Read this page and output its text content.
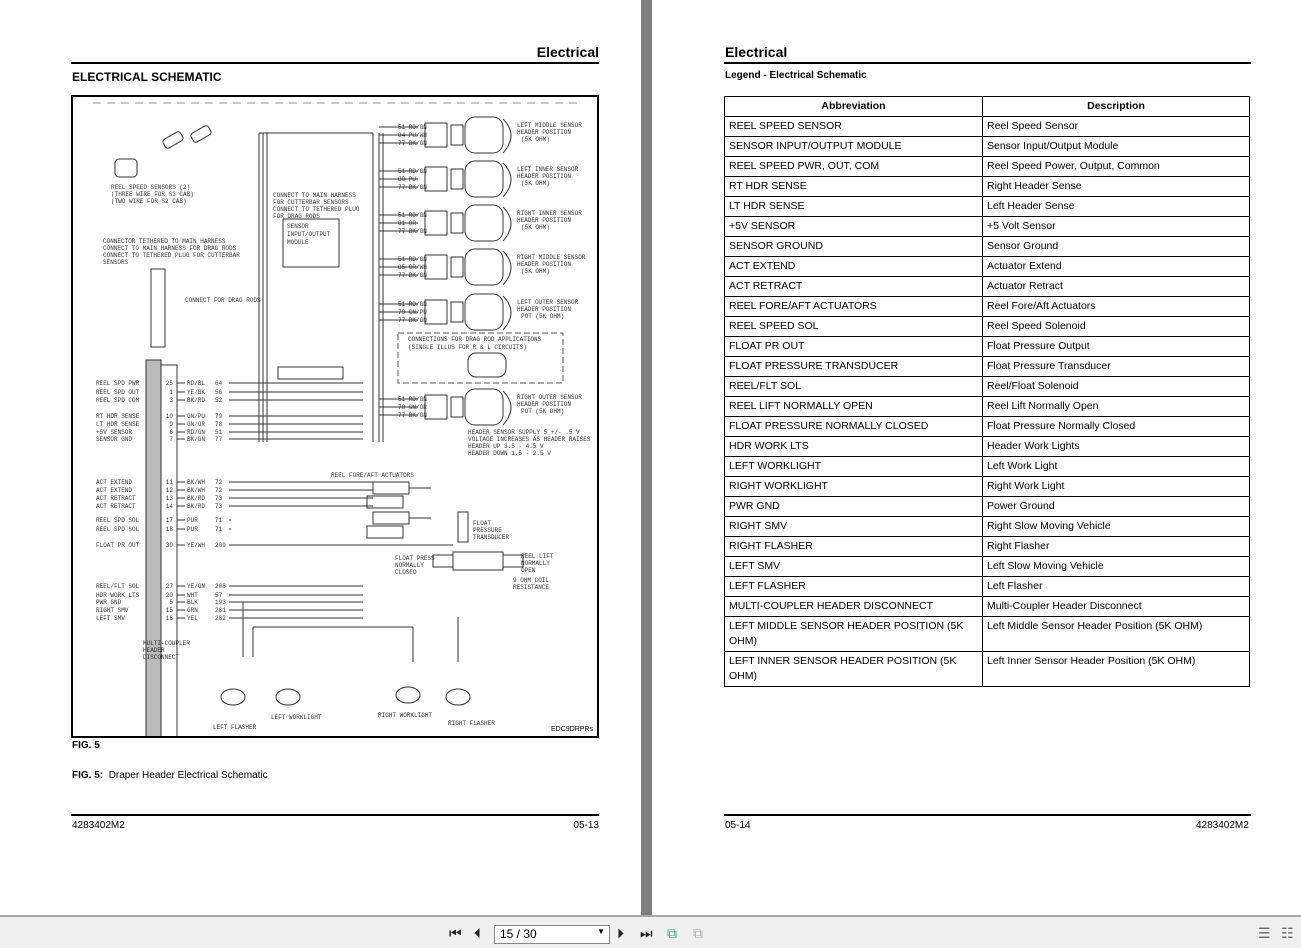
Electrical
ELECTRICAL SCHEMATIC
REEL SPD PWR	25 RD/BL 64
REEL SPD OUT	1 YE/BK 56
REEL SPD COM	3 BK/RD 52
RT HDR SENSE	10 GN/PU 79
LT HDR SENSE	9 GN/OR 78
+5V SENSOR	6 RD/GN 51
SENSOR GND	7 BK/GN 77
ACT EXTEND	11 BK/WH 72
ACT EXTEND	12 BK/WH 72
ACT RETRACT	13 BK/RD 73
ACT RETRACT	14 BK/RD 73
REEL SPD SOL	17 PUR	71
REEL SPD SOL	18 PUR	71
FLOAT PR OUT	30 YE/WH 209
REEL/FLT SOL	27 YE/GN 208
HDR WORK LTS	20 WHT	57
PWR GND	5 BLK	193
RIGHT SMV	15 GRN	281
LEFT SMV	16 YEL	282
SENSOR
INPUT/OUTPUT
MODULE
CONNECT TO MAIN HARNESS
FOR CUTTERBAR SENSORS
CONNECT TO TETHERED PLUG
FOR DRAG RODS
REEL SPEED SENSORS (2)
(THREE WIRE FOR S3 CAB)
(TWO WIRE FOR S2 CAB)
CONNECTOR TETHERED TO MAIN HARNESS
CONNECT TO MAIN HARNESS FOR DRAG RODS
CONNECT TO TETHERED PLUG FOR CUTTERBAR
SENSORS
CONNECT FOR DRAG RODS
51 RD/GN
84 PU/WH
77 BK/GN
LEFT MIDDLE SENSOR
HEADER POSITION
(5K OHM)
51 RD/GN
80 PU
77 BK/GN
LEFT INNER SENSOR
HEADER POSITION
(5K OHM)
51 RD/GN
81 OR
77 BK/GN
RIGHT INNER SENSOR
HEADER POSITION
(5K OHM)
51 RD/GN
85 OR/WH
77 BK/GN
RIGHT MIDDLE SENSOR
HEADER POSITION
(5K OHM)
51 RD/GN
79 GN/PU
77 BK/GN
LEFT OUTER SENSOR
HEADER POSITION
POT (5K OHM)
51 RD/GN
78 GN/OR
77 BK/GN
RIGHT OUTER SENSOR
HEADER POSITION
POT (5K OHM)
CONNECTIONS FOR DRAG ROD APPLICATIONS
(SINGLE ILLUS FOR R & L CIRCUITS)
HEADER SENSOR SUPPLY 5 +/- .5 V
VOLTAGE INCREASES AS HEADER RAISES
HEADER UP 3.5 - 4.5 V
HEADER DOWN 1.5 - 2.5 V
REEL FORE/AFT ACTUATORS
FLOAT
PRESSURE
TRANSDUCER
FLOAT PRESS
NORMALLY
CLOSED
REEL LIFT
NORMALLY
OPEN
9 OHM COIL
RESISTANCE
MULTI-COUPLER
HEADER
DISCONNECT
LEFT FLASHER
LEFT WORKLIGHT	RIGHT WORKLIGHT
RIGHT FLASHER
EDC9DRPRs
FIG. 5
FIG. 5: Draper Header Electrical Schematic
4283402M2	05-13
Electrical
Legend - Electrical Schematic
Abbreviation	Description
REEL SPEED SENSOR	Reel Speed Sensor
SENSOR INPUT/OUTPUT MODULE	Sensor Input/Output Module
REEL SPEED PWR, OUT, COM	Reel Speed Power, Output, Common
RT HDR SENSE	Right Header Sense
LT HDR SENSE	Left Header Sense
+5V SENSOR	+5 Volt Sensor
SENSOR GROUND	Sensor Ground
ACT EXTEND	Actuator Extend
ACT RETRACT	Actuator Retract
REEL FORE/AFT ACTUATORS	Reel Fore/Aft Actuators
REEL SPEED SOL	Reel Speed Solenoid
FLOAT PR OUT	Float Pressure Output
FLOAT PRESSURE TRANSDUCER	Float Pressure Transducer
REEL/FLT SOL	Reel/Float Solenoid
REEL LIFT NORMALLY OPEN	Reel Lift Normally Open
FLOAT PRESSURE NORMALLY CLOSED	Float Pressure Normally Closed
HDR WORK LTS	Header Work Lights
LEFT WORKLIGHT	Left Work Light
RIGHT WORKLIGHT	Right Work Light
PWR GND	Power Ground
RIGHT SMV	Right Slow Moving Vehicle
RIGHT FLASHER	Right Flasher
LEFT SMV	Left Slow Moving Vehicle
LEFT FLASHER	Left Flasher
MULTI-COUPLER HEADER DISCONNECT	Multi-Coupler Header Disconnect
LEFT MIDDLE SENSOR HEADER POSITION (5K OHM)	Left Middle Sensor Header Position (5K OHM)
LEFT INNER SENSOR HEADER POSITION (5K OHM)	Left Inner Sensor Header Position (5K OHM)
05-14	4283402M2
⏮ ⏴	15 / 30	▼ ⏵ ⏭ ⧉ ⧉	☰ ☷
